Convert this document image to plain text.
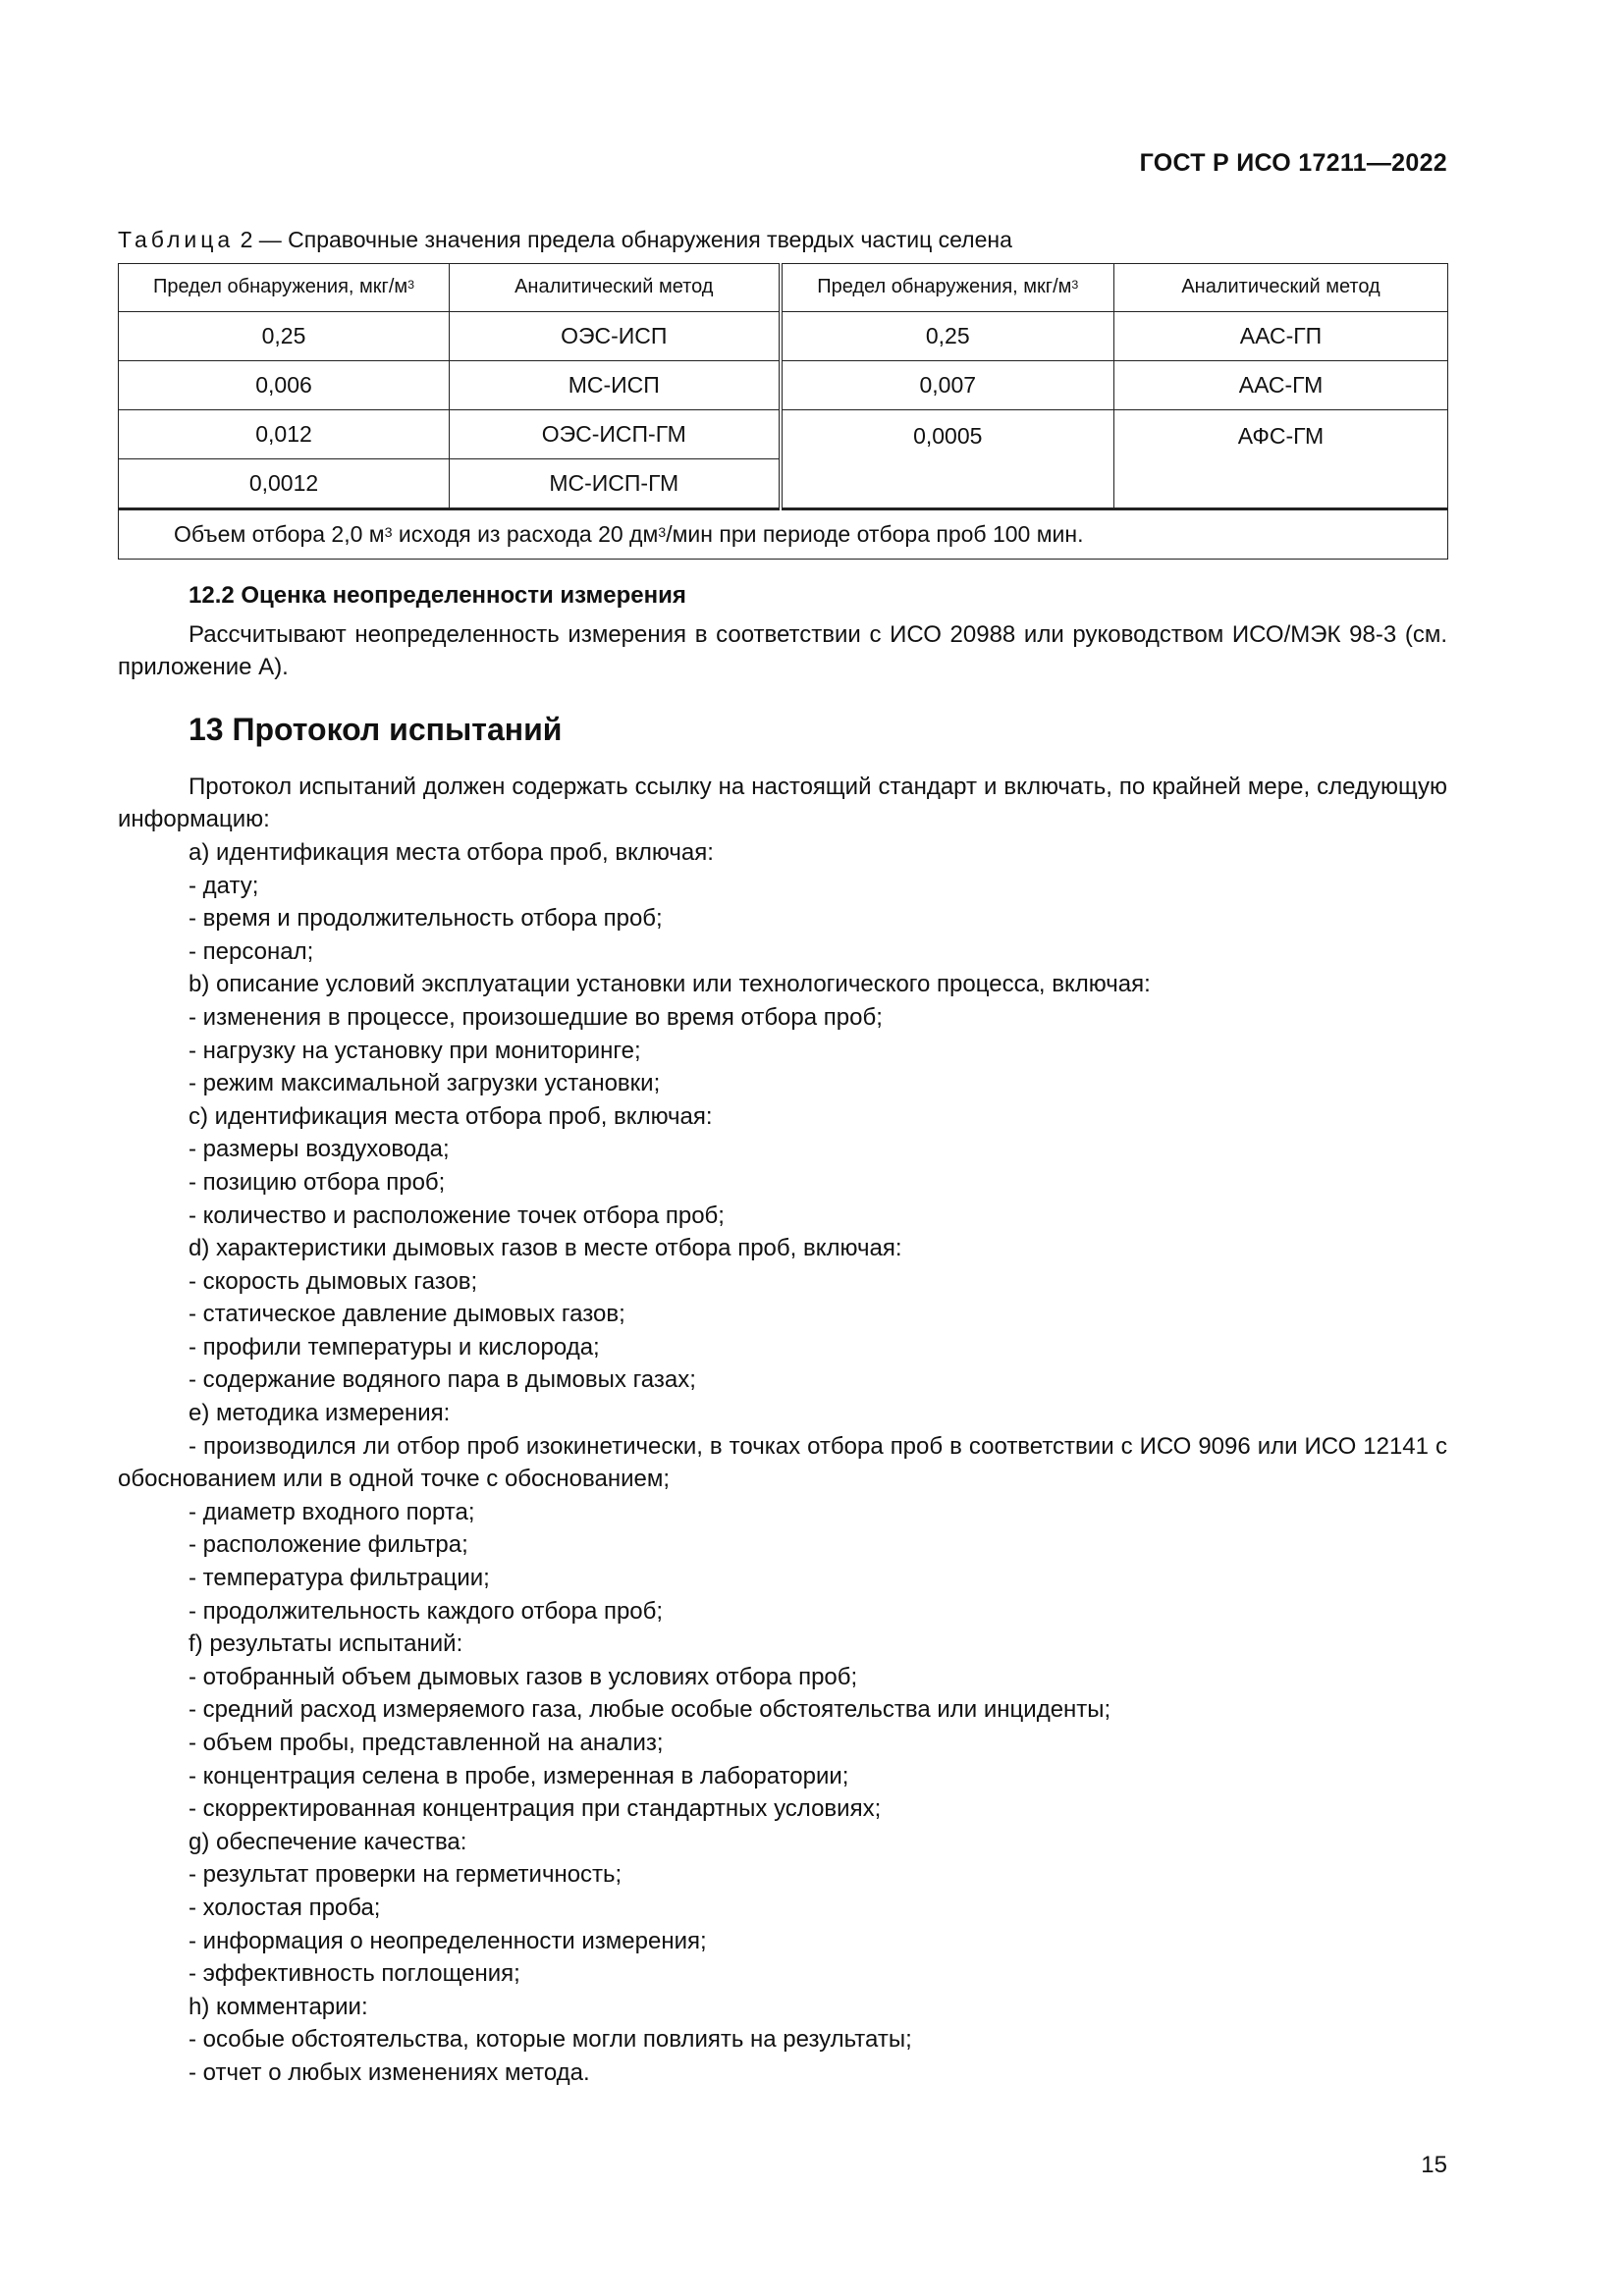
ГОСТ Р ИСО 17211—2022
Таблица 2 — Справочные значения предела обнаружения твердых частиц селена
Предел обнаружения, мкг/$м^3$	Аналитический метод	Предел обнаружения, мкг/$м^3$	Аналитический метод
0,25	ОЭС-ИСП	0,25	ААС-ГП
0,006	МС-ИСП	0,007	ААС-ГМ
0,012	ОЭС-ИСП-ГМ	0,0005	АФС-ГМ
0,0012	МС-ИСП-ГМ		
Объем отбора 2,0 $м^3$ исходя из расхода 20 $дм^3$/мин при периоде отбора проб 100 мин.			
12.2 Оценка неопределенности измерения

Рассчитывают неопределенность измерения в соответствии с ИСО 20988 или руководством ИСО/МЭК 98-3 (см. приложение А).

13 Протокол испытаний

Протокол испытаний должен содержать ссылку на настоящий стандарт и включать, по крайней мере, следующую информацию:

a) идентификация места отбора проб, включая:

- дату;

- время и продолжительность отбора проб;

- персонал;

b) описание условий эксплуатации установки или технологического процесса, включая:

- изменения в процессе, произошедшие во время отбора проб;

- нагрузку на установку при мониторинге;

- режим максимальной загрузки установки;

c) идентификация места отбора проб, включая:

- размеры воздуховода;

- позицию отбора проб;

- количество и расположение точек отбора проб;

d) характеристики дымовых газов в месте отбора проб, включая:

- скорость дымовых газов;

- статическое давление дымовых газов;

- профили температуры и кислорода;

- содержание водяного пара в дымовых газах;

e) методика измерения:

- производился ли отбор проб изокинетически, в точках отбора проб в соответствии с ИСО 9096 или ИСО 12141 с обоснованием или в одной точке с обоснованием;

- диаметр входного порта;

- расположение фильтра;

- температура фильтрации;

- продолжительность каждого отбора проб;

f) результаты испытаний:

- отобранный объем дымовых газов в условиях отбора проб;

- средний расход измеряемого газа, любые особые обстоятельства или инциденты;

- объем пробы, представленной на анализ;

- концентрация селена в пробе, измеренная в лаборатории;

- скорректированная концентрация при стандартных условиях;

g) обеспечение качества:

- результат проверки на герметичность;

- холостая проба;

- информация о неопределенности измерения;

- эффективность поглощения;

h) комментарии:

- особые обстоятельства, которые могли повлиять на результаты;

- отчет о любых изменениях метода.

15
